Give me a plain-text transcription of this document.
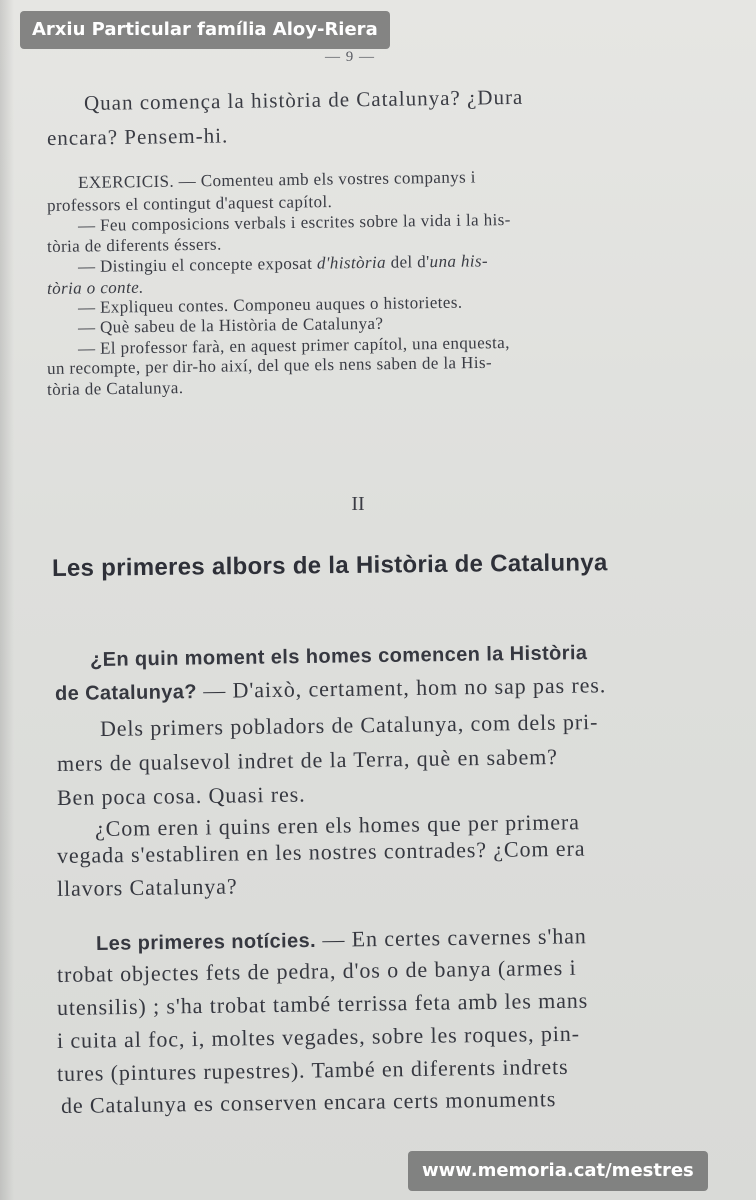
Arxiu Particular família Aloy-Riera
— 9 —

Quan comença la història de Catalunya? ¿Dura

encara? Pensem-hi.

EXERCICIS. — Comenteu amb els vostres companys i

professors el contingut d'aquest capítol.

— Feu composicions verbals i escrites sobre la vida i la his-

tòria de diferents éssers.

— Distingiu el concepte exposat d'història del d'una his-

tòria o conte.

— Expliqueu contes. Componeu auques o historietes.

— Què sabeu de la Història de Catalunya?

— El professor farà, en aquest primer capítol, una enquesta,

un recompte, per dir-ho així, del que els nens saben de la His-

tòria de Catalunya.

II
Les primeres albors de la Història de Catalunya

¿En quin moment els homes comencen la Història

de Catalunya? — D'això, certament, hom no sap pas res.

Dels primers pobladors de Catalunya, com dels pri-

mers de qualsevol indret de la Terra, què en sabem?

Ben poca cosa. Quasi res.

¿Com eren i quins eren els homes que per primera

vegada s'establiren en les nostres contrades? ¿Com era

llavors Catalunya?

Les primeres notícies. — En certes cavernes s'han

trobat objectes fets de pedra, d'os o de banya (armes i

utensilis) ; s'ha trobat també terrissa feta amb les mans

i cuita al foc, i, moltes vegades, sobre les roques, pin-

tures (pintures rupestres). També en diferents indrets

de Catalunya es conserven encara certs monuments

www.memoria.cat/mestres
